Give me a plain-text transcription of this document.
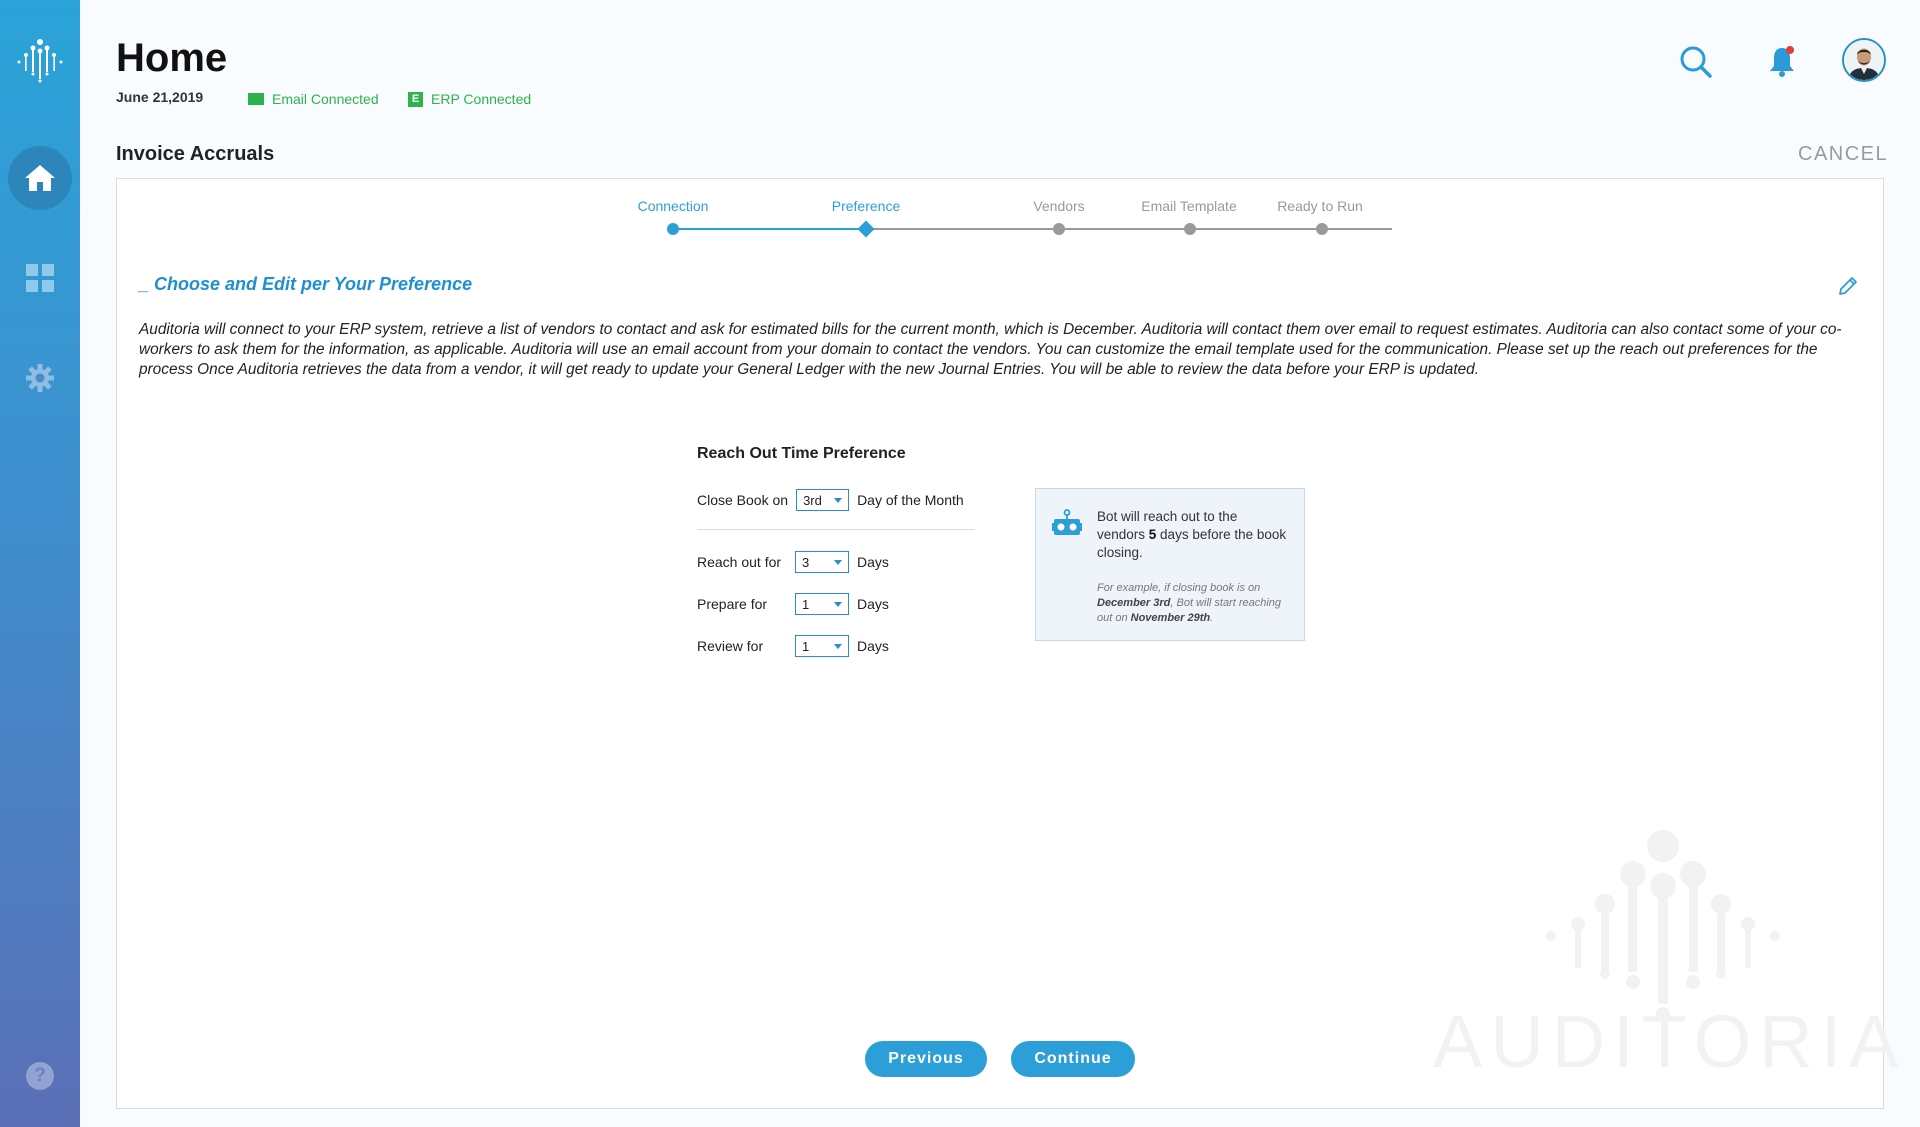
?
Home
June 21,2019	Email Connected	E ERP Connected
Invoice Accruals	CANCEL
Connection	Preference	Vendors	Email Template	Ready to Run
_ Choose and Edit per Your Preference

Auditoria will connect to your ERP system, retrieve a list of vendors to contact and ask for estimated bills for the current month, which is December. Auditoria will contact them over email to request estimates. Auditoria can also contact some of your co-workers to ask them for the information, as applicable. Auditoria will use an email account from your domain to contact the vendors. You can customize the email template used for the communication. Please set up the reach out preferences for the process Once Auditoria retrieves the data from a vendor, it will get ready to update your General Ledger with the new Journal Entries. You will be able to review the data before your ERP is updated.

Reach Out Time Preference
Close Book on 3rd	Day of the Month
Reach out for	3	Days
Prepare for	1	Days
Review for	1	Days
Bot will reach out to the vendors 5 days before the book closing.
For example, if closing book is on December 3rd, Bot will start reaching out on November 29th.
AUDITORIA
Previous	Continue
